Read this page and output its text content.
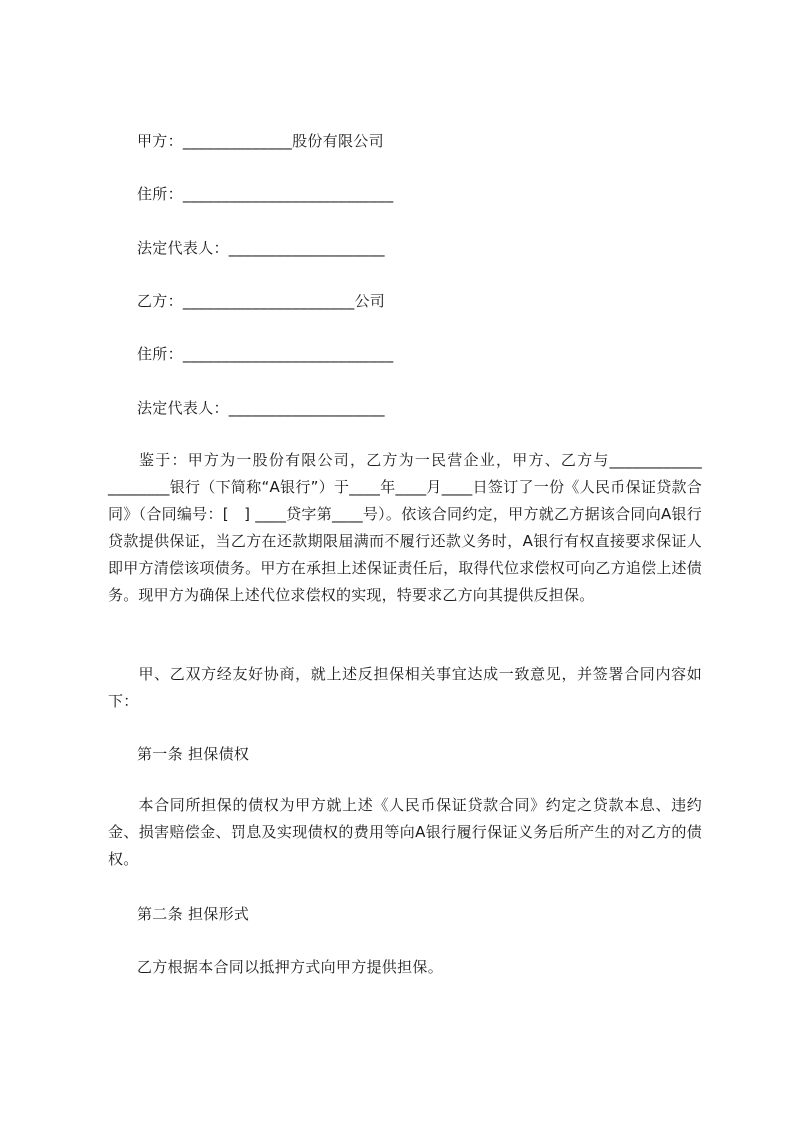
甲方：______________股份有限公司
住所：___________________________
法定代表人：____________________
乙方：______________________公司
住所：___________________________
法定代表人：____________________
鉴于：甲方为一股份有限公司，乙方为一民营企业，甲方、乙方与____________ ________银行（下简称“A银行”）于____年____月____日签订了一份《人民币保证贷款合同》（合同编号：[　] ____贷字第____号）。依该合同约定，甲方就乙方据该合同向A银行贷款提供保证，当乙方在还款期限届满而不履行还款义务时，A银行有权直接要求保证人即甲方清偿该项债务。甲方在承担上述保证责任后，取得代位求偿权可向乙方追偿上述债务。现甲方为确保上述代位求偿权的实现，特要求乙方向其提供反担保。
甲、乙双方经友好协商，就上述反担保相关事宜达成一致意见，并签署合同内容如下：
第一条 担保债权
本合同所担保的债权为甲方就上述《人民币保证贷款合同》约定之贷款本息、违约金、损害赔偿金、罚息及实现债权的费用等向A银行履行保证义务后所产生的对乙方的债权。
第二条 担保形式
乙方根据本合同以抵押方式向甲方提供担保。
